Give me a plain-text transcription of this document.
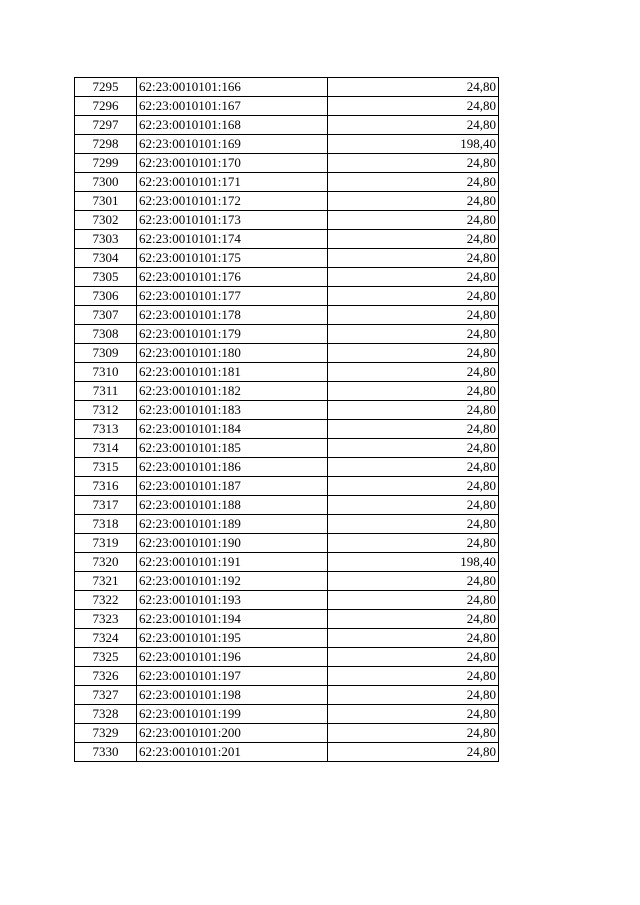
7295	62:23:0010101:166	24,80
7296	62:23:0010101:167	24,80
7297	62:23:0010101:168	24,80
7298	62:23:0010101:169	198,40
7299	62:23:0010101:170	24,80
7300	62:23:0010101:171	24,80
7301	62:23:0010101:172	24,80
7302	62:23:0010101:173	24,80
7303	62:23:0010101:174	24,80
7304	62:23:0010101:175	24,80
7305	62:23:0010101:176	24,80
7306	62:23:0010101:177	24,80
7307	62:23:0010101:178	24,80
7308	62:23:0010101:179	24,80
7309	62:23:0010101:180	24,80
7310	62:23:0010101:181	24,80
7311	62:23:0010101:182	24,80
7312	62:23:0010101:183	24,80
7313	62:23:0010101:184	24,80
7314	62:23:0010101:185	24,80
7315	62:23:0010101:186	24,80
7316	62:23:0010101:187	24,80
7317	62:23:0010101:188	24,80
7318	62:23:0010101:189	24,80
7319	62:23:0010101:190	24,80
7320	62:23:0010101:191	198,40
7321	62:23:0010101:192	24,80
7322	62:23:0010101:193	24,80
7323	62:23:0010101:194	24,80
7324	62:23:0010101:195	24,80
7325	62:23:0010101:196	24,80
7326	62:23:0010101:197	24,80
7327	62:23:0010101:198	24,80
7328	62:23:0010101:199	24,80
7329	62:23:0010101:200	24,80
7330	62:23:0010101:201	24,80
